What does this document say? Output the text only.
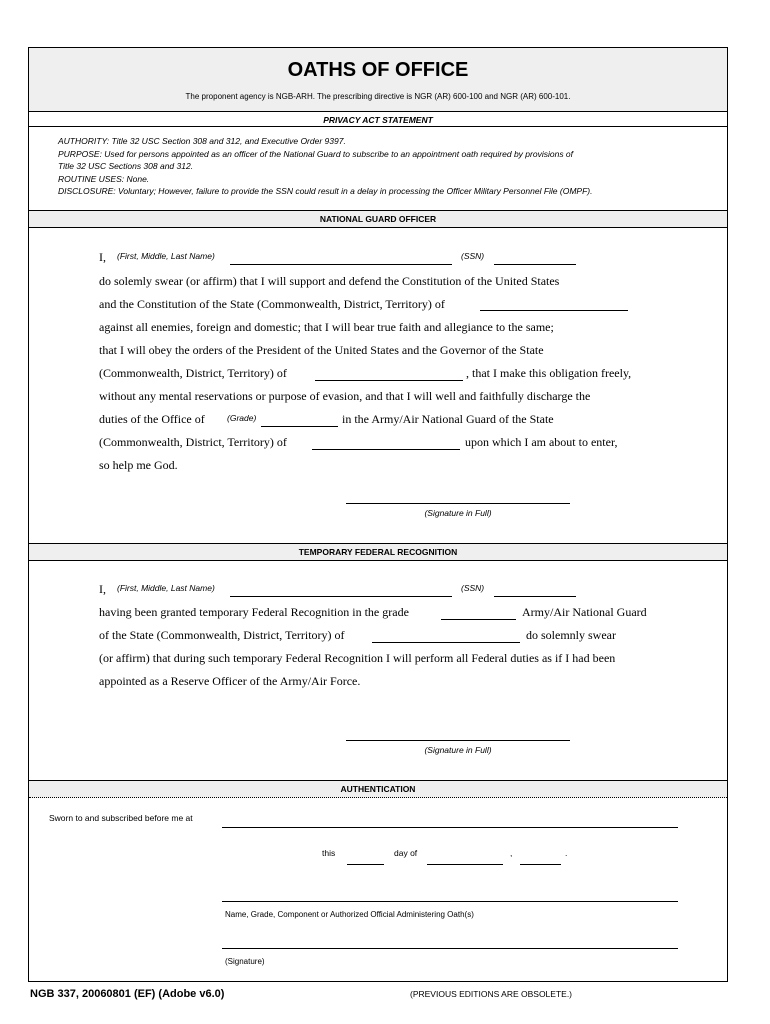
OATHS OF OFFICE
The proponent agency is NGB-ARH. The prescribing directive is NGR (AR) 600-100 and NGR (AR) 600-101.
PRIVACY ACT STATEMENT

AUTHORITY: Title 32 USC Section 308 and 312, and Executive Order 9397.

PURPOSE: Used for persons appointed as an officer of the National Guard to subscribe to an appointment oath required by provisions of

Title 32 USC Sections 308 and 312.

ROUTINE USES: None.

DISCLOSURE: Voluntary; However, failure to provide the SSN could result in a delay in processing the Officer Military Personnel File (OMPF).

NATIONAL GUARD OFFICER
I, (First, Middle, Last Name)	(SSN)
do solemly swear (or affirm) that I will support and defend the Constitution of the United States
and the Constitution of the State (Commonwealth, District, Territory) of
against all enemies, foreign and domestic; that I will bear true faith and allegiance to the same;
that I will obey the orders of the President of the United States and the Governor of the State
(Commonwealth, District, Territory) of	, that I make this obligation freely,
without any mental reservations or purpose of evasion, and that I will well and faithfully discharge the
duties of the Office of	(Grade)	in the Army/Air National Guard of the State
(Commonwealth, District, Territory) of	upon which I am about to enter,
so help me God.
(Signature in Full)
TEMPORARY FEDERAL RECOGNITION
I, (First, Middle, Last Name)	(SSN)
having been granted temporary Federal Recognition in the grade	Army/Air National Guard
of the State (Commonwealth, District, Territory) of	do solemnly swear
(or affirm) that during such temporary Federal Recognition I will perform all Federal duties as if I had been
appointed as a Reserve Officer of the Army/Air Force.
(Signature in Full)
AUTHENTICATION
Sworn to and subscribed before me at
this	day of	,	.
Name, Grade, Component or Authorized Official Administering Oath(s)
(Signature)
NGB 337, 20060801 (EF) (Adobe v6.0)	(PREVIOUS EDITIONS ARE OBSOLETE.)
